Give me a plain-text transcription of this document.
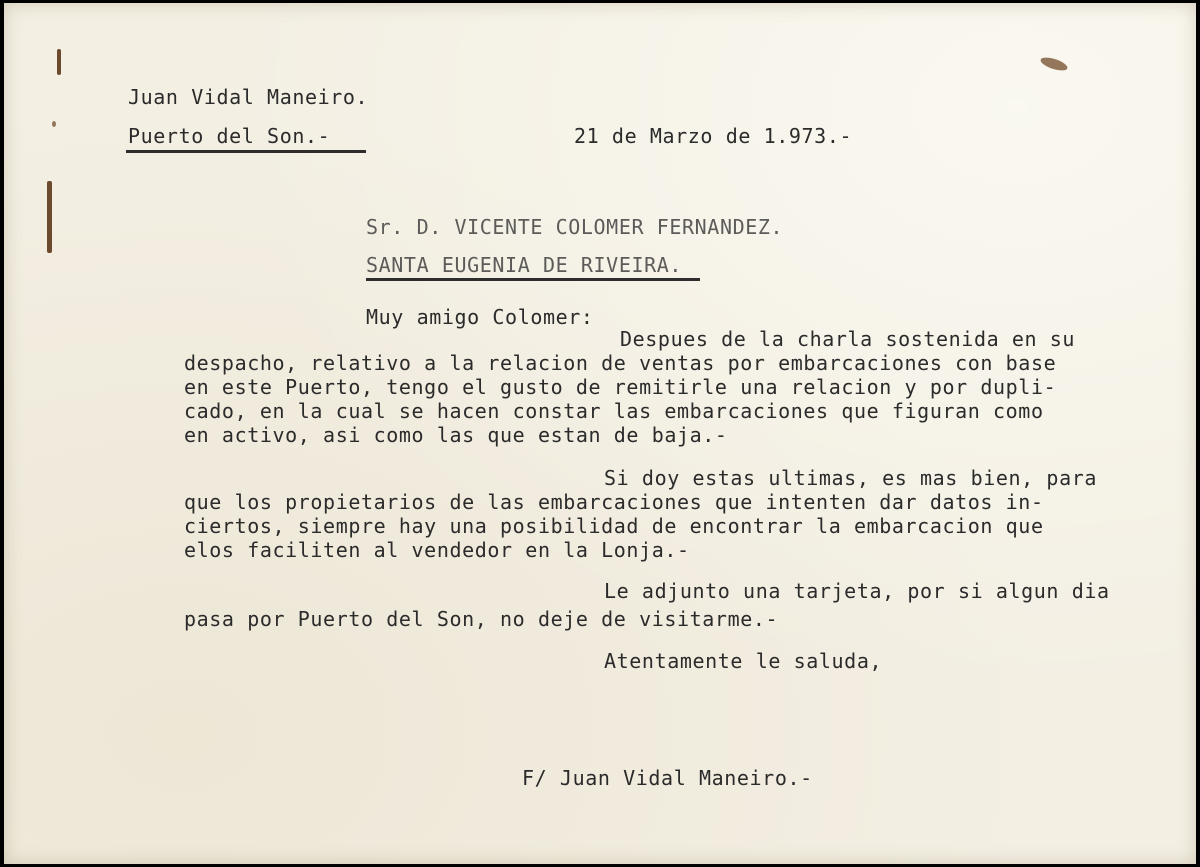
Juan Vidal Maneiro.
Puerto del Son.-	21 de Marzo de 1.973.-
Sr. D. VICENTE COLOMER FERNANDEZ.
SANTA EUGENIA DE RIVEIRA.
Muy amigo Colomer:
Despues de la charla sostenida en su
despacho, relativo a la relacion de ventas por embarcaciones con base
en este Puerto, tengo el gusto de remitirle una relacion y por dupli-
cado, en la cual se hacen constar las embarcaciones que figuran como
en activo, asi como las que estan de baja.-
Si doy estas ultimas, es mas bien, para
que los propietarios de las embarcaciones que intenten dar datos in-
ciertos, siempre hay una posibilidad de encontrar la embarcacion que
elos faciliten al vendedor en la Lonja.-
Le adjunto una tarjeta, por si algun dia
pasa por Puerto del Son, no deje de visitarme.-
Atentamente le saluda,
F/ Juan Vidal Maneiro.-
